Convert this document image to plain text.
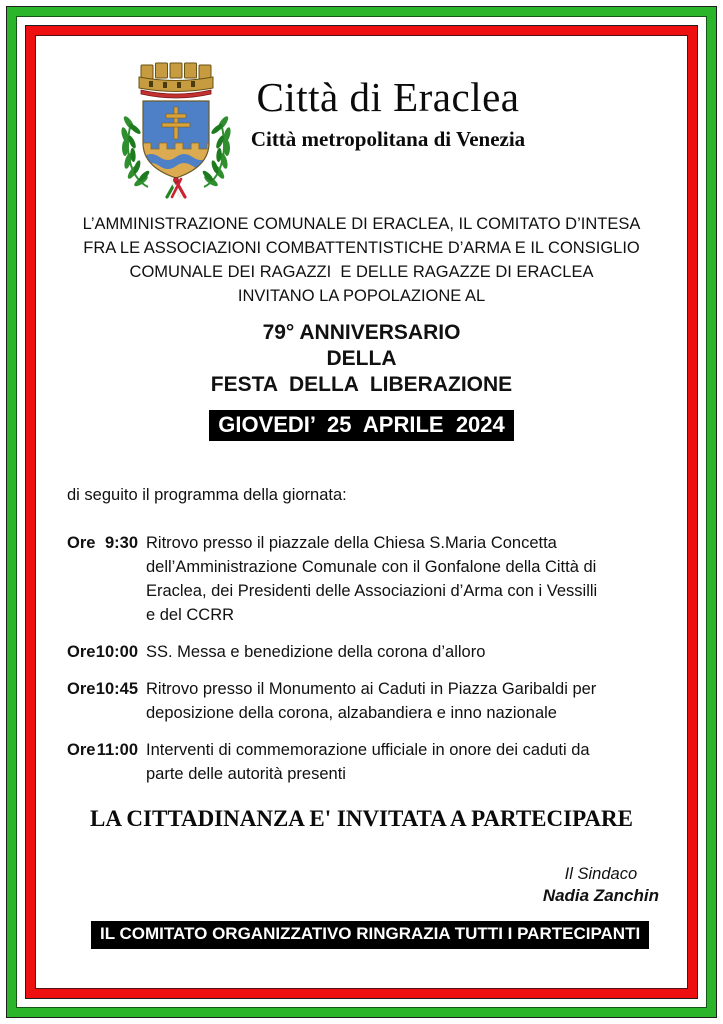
Città di Eraclea
Città metropolitana di Venezia
L’AMMINISTRAZIONE COMUNALE DI ERACLEA, IL COMITATO D’INTESA
FRA LE ASSOCIAZIONI COMBATTENTISTICHE D’ARMA E IL CONSIGLIO
COMUNALE DEI RAGAZZI  E DELLE RAGAZZE DI ERACLEA
INVITANO LA POPOLAZIONE AL
79° ANNIVERSARIO
DELLA
FESTA  DELLA  LIBERAZIONE
GIOVEDI’  25  APRILE  2024
di seguito il programma della giornata:
Ore 9:30 Ritrovo presso il piazzale della Chiesa S.Maria Concetta
dell’Amministrazione Comunale con il Gonfalone della Città di
Eraclea, dei Presidenti delle Associazioni d’Arma con i Vessilli
e del CCRR
Ore 10:00 SS. Messa e benedizione della corona d’alloro
Ore 10:45 Ritrovo presso il Monumento ai Caduti in Piazza Garibaldi per
deposizione della corona, alzabandiera e inno nazionale
Ore 11:00 Interventi di commemorazione ufficiale in onore dei caduti da
parte delle autorità presenti
LA CITTADINANZA E' INVITATA A PARTECIPARE
Il Sindaco
Nadia Zanchin
IL COMITATO ORGANIZZATIVO RINGRAZIA TUTTI I PARTECIPANTI
